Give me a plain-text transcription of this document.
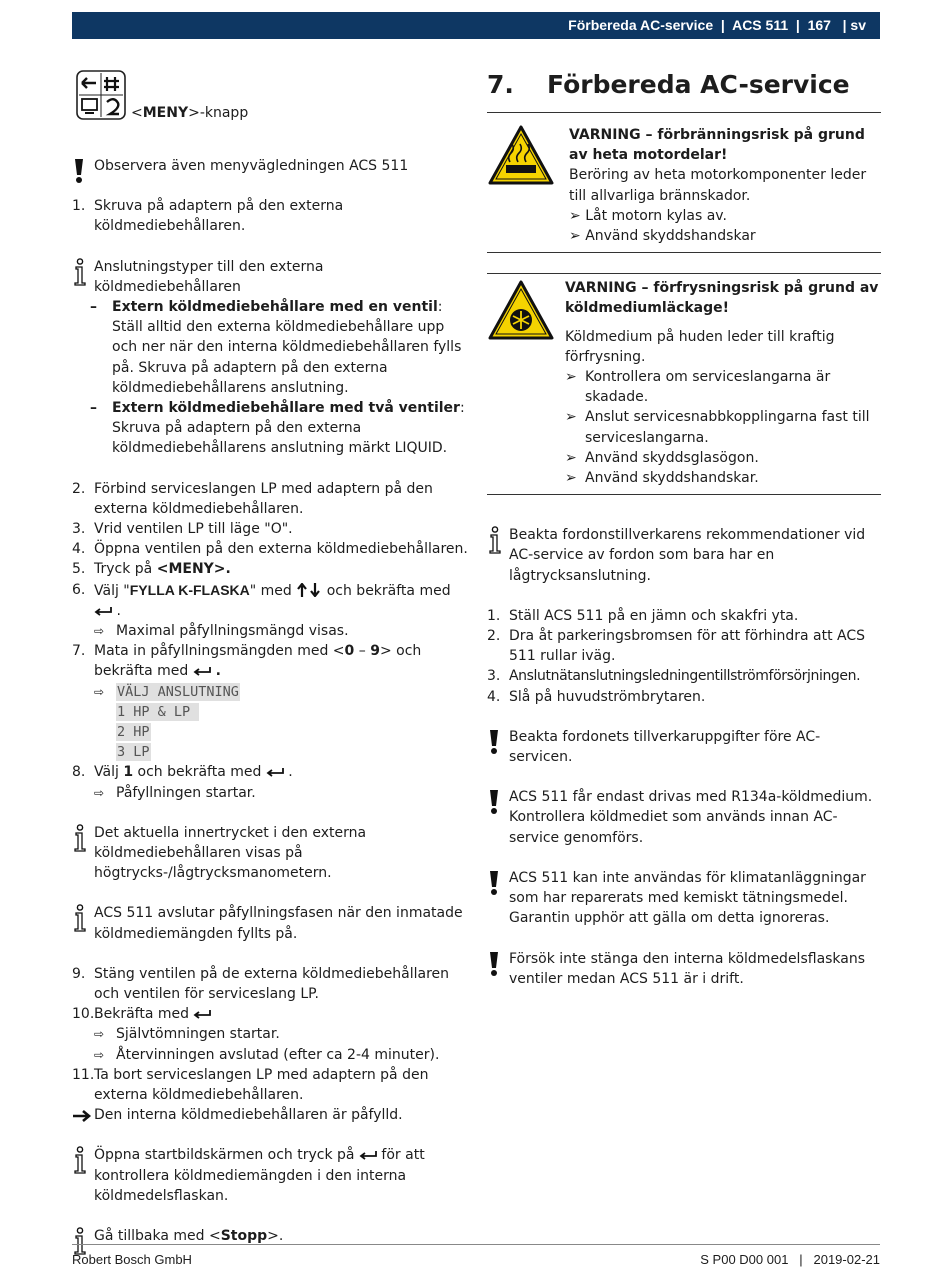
Förbereda AC-service  |  ACS 511  |  167   | sv
<MENY>-knapp
Observera även menyvägledningen ACS 511
1. Skruva på adaptern på den externa köldmediebehållaren.
Anslutningstyper till den externa köldmediebehållaren
– Extern köldmediebehållare med en ventil: Ställ alltid den externa köldmediebehållare upp och ner när den interna köldmediebehållaren fylls på. Skruva på adaptern på den externa köldmediebehållarens anslutning.
– Extern köldmediebehållare med två ventiler: Skruva på adaptern på den externa köldmediebehållarens anslutning märkt LIQUID.
2. Förbind serviceslangen LP med adaptern på den externa köldmediebehållaren.
3. Vrid ventilen LP till läge "O".
4. Öppna ventilen på den externa köldmediebehållaren.
5. Tryck på <MENY>.
6. Välj "FYLLA K-FLASKA" med  och bekräfta med  .
⇨ Maximal påfyllningsmängd visas.
7. Mata in påfyllningsmängden med <0 – 9> och bekräfta med  .
⇨ VÄLJ ANSLUTNING
1 HP & LP
2 HP
3 LP
8. Välj 1 och bekräfta med  .
⇨ Påfyllningen startar.
Det aktuella innertrycket i den externa köldmediebehållaren visas på högtrycks-/lågtrycksmanometern.
ACS 511 avslutar påfyllningsfasen när den inmatade köldmediemängden fyllts på.
9. Stäng ventilen på de externa köldmediebehållaren och ventilen för serviceslang LP.
10. Bekräfta med
⇨ Självtömningen startar.
⇨ Återvinningen avslutad (efter ca 2-4 minuter).
11. Ta bort serviceslangen LP med adaptern på den externa köldmediebehållaren.
Den interna köldmediebehållaren är påfylld.
Öppna startbildskärmen och tryck på  för att kontrollera köldmediemängden i den interna köldmedelsflaskan.
Gå tillbaka med <Stopp>.
7. Förbereda AC-service
VARNING – förbränningsrisk på grund av heta motordelar!
Beröring av heta motorkomponenter leder till allvarliga brännskador.
➢ Låt motorn kylas av.
➢ Använd skyddshandskar
VARNING – förfrysningsrisk på grund av köldmediumläckage!
Köldmedium på huden leder till kraftig förfrysning.
➢ Kontrollera om serviceslangarna är skadade.
➢ Anslut servicesnabbkopplingarna fast till serviceslangarna.
➢ Använd skyddsglasögon.
➢ Använd skyddshandskar.
Beakta fordonstillverkarens rekommendationer vid AC-service av fordon som bara har en lågtrycksanslutning.
1. Ställ ACS 511 på en jämn och skakfri yta.
2. Dra åt parkeringsbromsen för att förhindra att ACS 511 rullar iväg.
3. Anslutnätanslutningsledningentillströmförsörjningen.
4. Slå på huvudströmbrytaren.
Beakta fordonets tillverkaruppgifter före AC-servicen.
ACS 511 får endast drivas med R134a-köldmedium. Kontrollera köldmediet som används innan AC-service genomförs.
ACS 511 kan inte användas för klimatanläggningar som har reparerats med kemiskt tätningsmedel. Garantin upphör att gälla om detta ignoreras.
Försök inte stänga den interna köldmedelsflaskans ventiler medan ACS 511 är i drift.
Robert Bosch GmbH	S P00 D00 001   |   2019-02-21
